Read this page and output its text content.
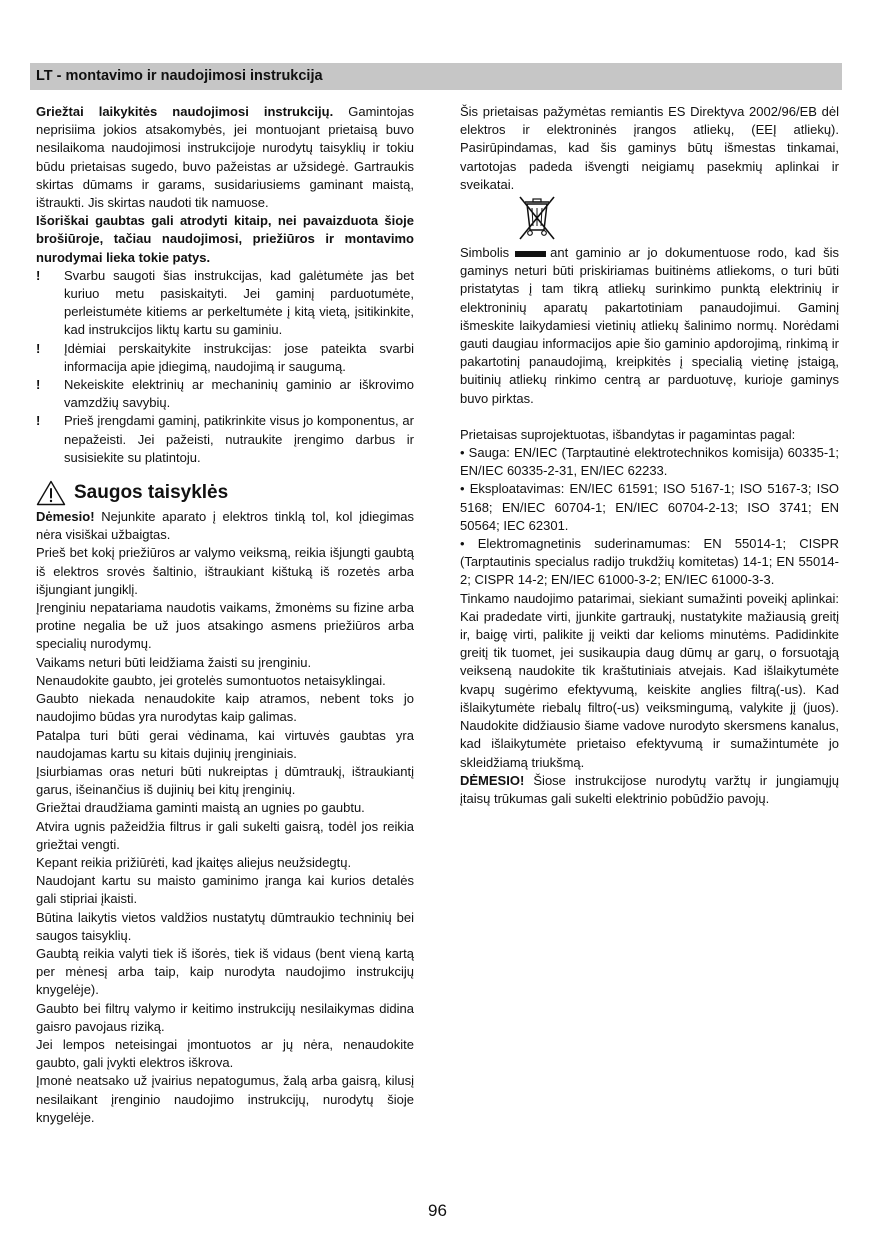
LT - montavimo ir naudojimosi instrukcija

Griežtai laikykitės naudojimosi instrukcijų. Gamintojas neprisiima jokios atsakomybės, jei montuojant prietaisą buvo nesilaikoma naudojimosi instrukcijoje nurodytų taisyklių ir tokiu būdu prietaisas sugedo, buvo pažeistas ar užsidegė. Gartraukis skirtas dūmams ir garams, susidariusiems gaminant maistą, ištraukti. Jis skirtas naudoti tik namuose.

Išoriškai gaubtas gali atrodyti kitaip, nei pavaizduota šioje brošiūroje, tačiau naudojimosi, priežiūros ir montavimo nurodymai lieka tokie patys.

!	Svarbu saugoti šias instrukcijas, kad galėtumėte jas bet kuriuo metu pasiskaityti. Jei gaminį parduotumėte, perleistumėte kitiems ar perkeltumėte į kitą vietą, įsitikinkite, kad instrukcijos liktų kartu su gaminiu.
!	Įdėmiai perskaitykite instrukcijas: jose pateikta svarbi informacija apie įdiegimą, naudojimą ir saugumą.
!	Nekeiskite elektrinių ar mechaninių gaminio ar iškrovimo vamzdžių savybių.
!	Prieš įrengdami gaminį, patikrinkite visus jo komponentus, ar nepažeisti. Jei pažeisti, nutraukite įrengimo darbus ir susisiekite su platintoju.
Saugos taisyklės

Dėmesio! Nejunkite aparato į elektros tinklą tol, kol įdiegimas nėra visiškai užbaigtas.

Prieš bet kokį priežiūros ar valymo veiksmą, reikia išjungti gaubtą iš elektros srovės šaltinio, ištraukiant kištuką iš rozetės arba išjungiant jungiklį.

Įrenginiu nepatariama naudotis vaikams, žmonėms su fizine arba protine negalia be už juos atsakingo asmens priežiūros arba specialių nurodymų.

Vaikams neturi būti leidžiama žaisti su įrenginiu.

Nenaudokite gaubto, jei grotelės sumontuotos netaisyklingai.

Gaubto niekada nenaudokite kaip atramos, nebent toks jo naudojimo būdas yra nurodytas kaip galimas.

Patalpa turi būti gerai vėdinama, kai virtuvės gaubtas yra naudojamas kartu su kitais dujinių įrenginiais.

Įsiurbiamas oras neturi būti nukreiptas į dūmtraukį, ištraukiantį garus, išeinančius iš dujinių bei kitų įrenginių.

Griežtai draudžiama gaminti maistą an ugnies po gaubtu.

Atvira ugnis pažeidžia filtrus ir gali sukelti gaisrą, todėl jos reikia griežtai vengti.

Kepant reikia prižiūrėti, kad įkaitęs aliejus neužsidegtų.

Naudojant kartu su maisto gaminimo įranga kai kurios detalės gali stipriai įkaisti.

Būtina laikytis vietos valdžios nustatytų dūmtraukio techninių bei saugos taisyklių.

Gaubtą reikia valyti tiek iš išorės, tiek iš vidaus (bent vieną kartą per mėnesį arba taip, kaip nurodyta naudojimo instrukcijų knygelėje).

Gaubto bei filtrų valymo ir keitimo instrukcijų nesilaikymas didina gaisro pavojaus riziką.

Jei lempos neteisingai įmontuotos ar jų nėra, nenaudokite gaubto, gali įvykti elektros iškrova.

Įmonė neatsako už įvairius nepatogumus, žalą arba gaisrą, kilusį nesilaikant įrenginio naudojimo instrukcijų, nurodytų šioje knygelėje.

Šis prietaisas pažymėtas remiantis ES Direktyva 2002/96/EB dėl elektros ir elektroninės įrangos atliekų, (EEĮ atliekų). Pasirūpindamas, kad šis gaminys būtų išmestas tinkamai, vartotojas padeda išvengti neigiamų pasekmių aplinkai ir sveikatai.

Simbolis	ant gaminio ar jo dokumentuose rodo, kad šis gaminys neturi būti priskiriamas buitinėms atliekoms, o turi būti pristatytas į tam tikrą atliekų surinkimo punktą elektrinių ir elektroninių aparatų pakartotiniam panaudojimui. Gaminį išmeskite laikydamiesi vietinių atliekų šalinimo normų. Norėdami gauti daugiau informacijos apie šio gaminio apdorojimą, rinkimą ir pakartotinį panaudojimą, kreipkitės į specialią vietinę įstaigą, buitinių atliekų rinkimo centrą ar parduotuvę, kurioje gaminys buvo pirktas.

Prietaisas suprojektuotas, išbandytas ir pagamintas pagal:

• Sauga: EN/IEC (Tarptautinė elektrotechnikos komisija) 60335-1; EN/IEC 60335-2-31, EN/IEC 62233.

• Eksploatavimas: EN/IEC 61591; ISO 5167-1; ISO 5167-3; ISO 5168; EN/IEC 60704-1; EN/IEC 60704-2-13; ISO 3741; EN 50564; IEC 62301.

• Elektromagnetinis suderinamumas: EN 55014-1; CISPR (Tarptautinis specialus radijo trukdžių komitetas) 14-1; EN 55014-2; CISPR 14-2; EN/IEC 61000-3-2; EN/IEC 61000-3-3.

Tinkamo naudojimo patarimai, siekiant sumažinti poveikį aplinkai: Kai pradedate virti, įjunkite gartraukį, nustatykite mažiausią greitį ir, baigę virti, palikite jį veikti dar kelioms minutėms. Padidinkite greitį tik tuomet, jei susikaupia daug dūmų ar garų, o forsuotąją veikseną naudokite tik kraštutiniais atvejais. Kad išlaikytumėte kvapų sugėrimo efektyvumą, keiskite anglies filtrą(-us). Kad išlaikytumėte riebalų filtro(-us) veiksmingumą, valykite jį (juos). Naudokite didžiausio šiame vadove nurodyto skersmens kanalus, kad išlaikytumėte prietaiso efektyvumą ir sumažintumėte jo skleidžiamą triukšmą.

DĖMESIO! Šiose instrukcijose nurodytų varžtų ir jungiamųjų įtaisų trūkumas gali sukelti elektrinio pobūdžio pavojų.

96
